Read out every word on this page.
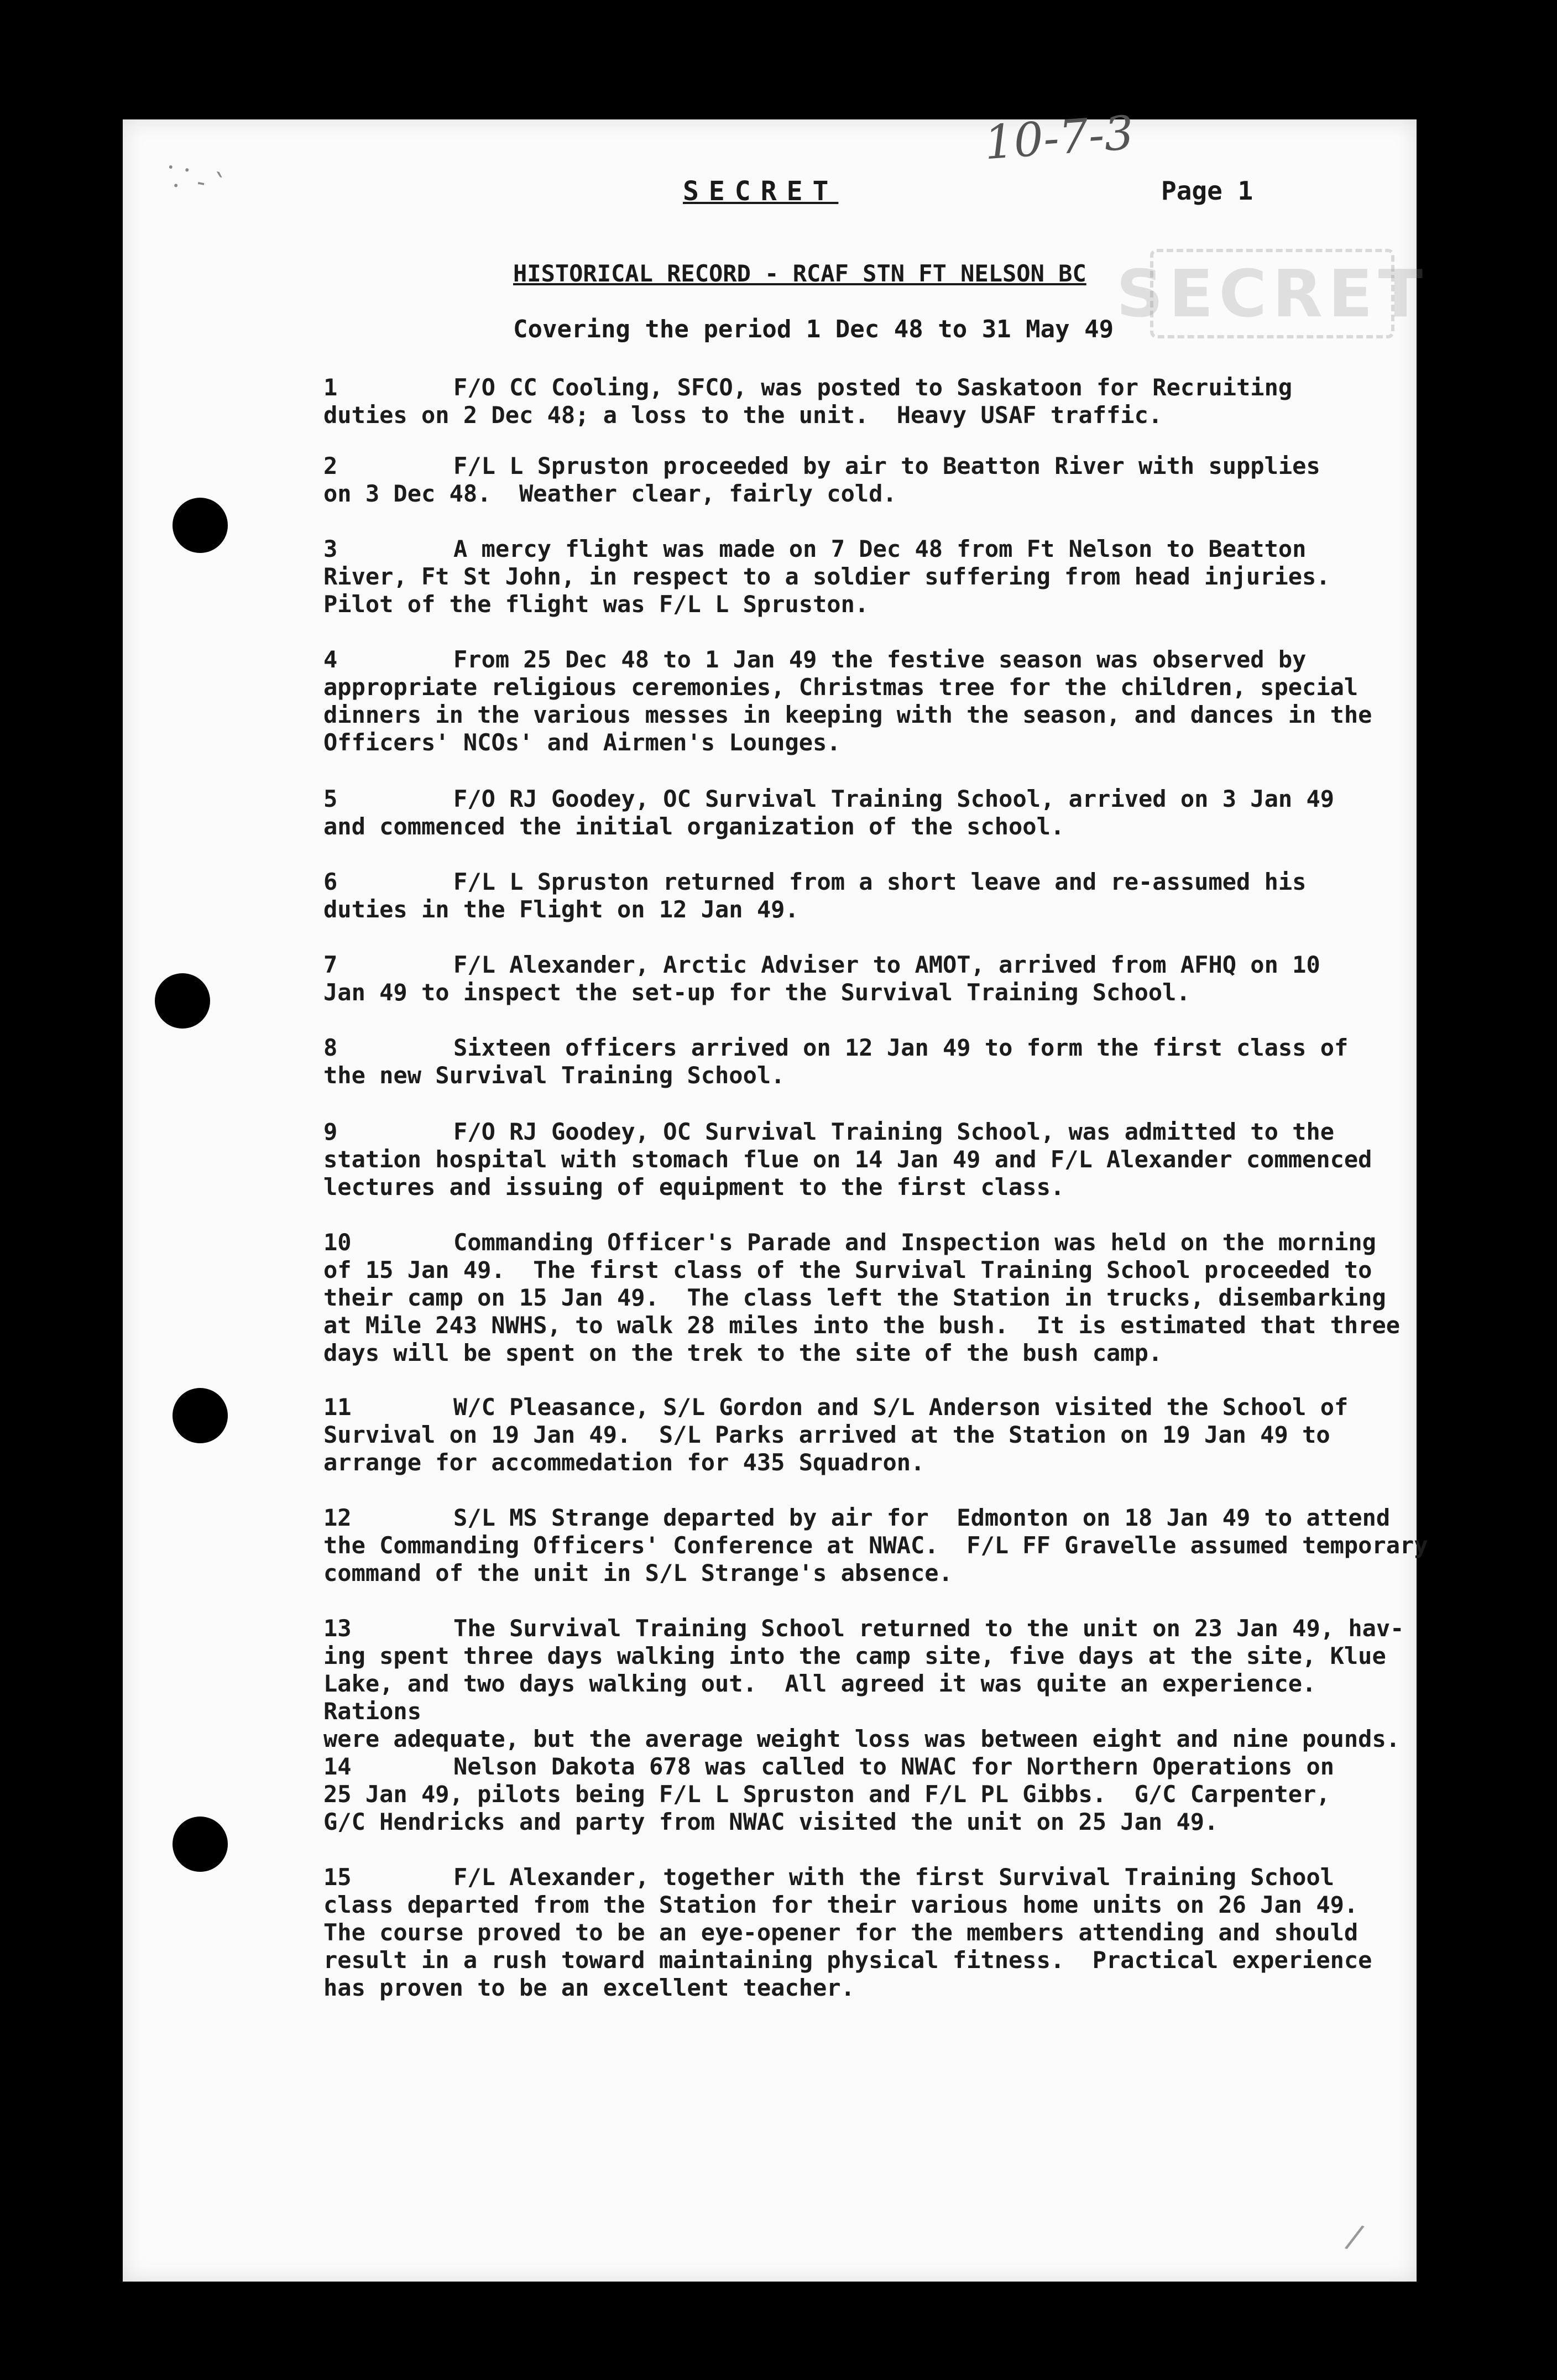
⸪ ˗ ՝
10-7-3
SECRET
SECRET	Page 1
HISTORICAL RECORD - RCAF STN FT NELSON BC
Covering the period 1 Dec 48 to 31 May 49
1	F/O CC Cooling, SFCO, was posted to Saskatoon for Recruiting
duties on 2 Dec 48; a loss to the unit.  Heavy USAF traffic.
2	F/L L Spruston proceeded by air to Beatton River with supplies
on 3 Dec 48.  Weather clear, fairly cold.
3	A mercy flight was made on 7 Dec 48 from Ft Nelson to Beatton
River, Ft St John, in respect to a soldier suffering from head injuries.
Pilot of the flight was F/L L Spruston.
4	From 25 Dec 48 to 1 Jan 49 the festive season was observed by
appropriate religious ceremonies, Christmas tree for the children, special
dinners in the various messes in keeping with the season, and dances in the
Officers' NCOs' and Airmen's Lounges.
5	F/O RJ Goodey, OC Survival Training School, arrived on 3 Jan 49
and commenced the initial organization of the school.
6	F/L L Spruston returned from a short leave and re-assumed his
duties in the Flight on 12 Jan 49.
7	F/L Alexander, Arctic Adviser to AMOT, arrived from AFHQ on 10
Jan 49 to inspect the set-up for the Survival Training School.
8	Sixteen officers arrived on 12 Jan 49 to form the first class of
the new Survival Training School.
9	F/O RJ Goodey, OC Survival Training School, was admitted to the
station hospital with stomach flue on 14 Jan 49 and F/L Alexander commenced
lectures and issuing of equipment to the first class.
10	Commanding Officer's Parade and Inspection was held on the morning
of 15 Jan 49.  The first class of the Survival Training School proceeded to
their camp on 15 Jan 49.  The class left the Station in trucks, disembarking
at Mile 243 NWHS, to walk 28 miles into the bush.  It is estimated that three
days will be spent on the trek to the site of the bush camp.
11	W/C Pleasance, S/L Gordon and S/L Anderson visited the School of
Survival on 19 Jan 49.  S/L Parks arrived at the Station on 19 Jan 49 to
arrange for accommedation for 435 Squadron.
12	S/L MS Strange departed by air for  Edmonton on 18 Jan 49 to attend
the Commanding Officers' Conference at NWAC.  F/L FF Gravelle assumed temporary
command of the unit in S/L Strange's absence.
13	The Survival Training School returned to the unit on 23 Jan 49, hav-
ing spent three days walking into the camp site, five days at the site, Klue
Lake, and two days walking out.  All agreed it was quite an experience.  Rations
were adequate, but the average weight loss was between eight and nine pounds.
14	Nelson Dakota 678 was called to NWAC for Northern Operations on
25 Jan 49, pilots being F/L L Spruston and F/L PL Gibbs.  G/C Carpenter,
G/C Hendricks and party from NWAC visited the unit on 25 Jan 49.
15	F/L Alexander, together with the first Survival Training School
class departed from the Station for their various home units on 26 Jan 49.
The course proved to be an eye-opener for the members attending and should
result in a rush toward maintaining physical fitness.  Practical experience
has proven to be an excellent teacher.
/
